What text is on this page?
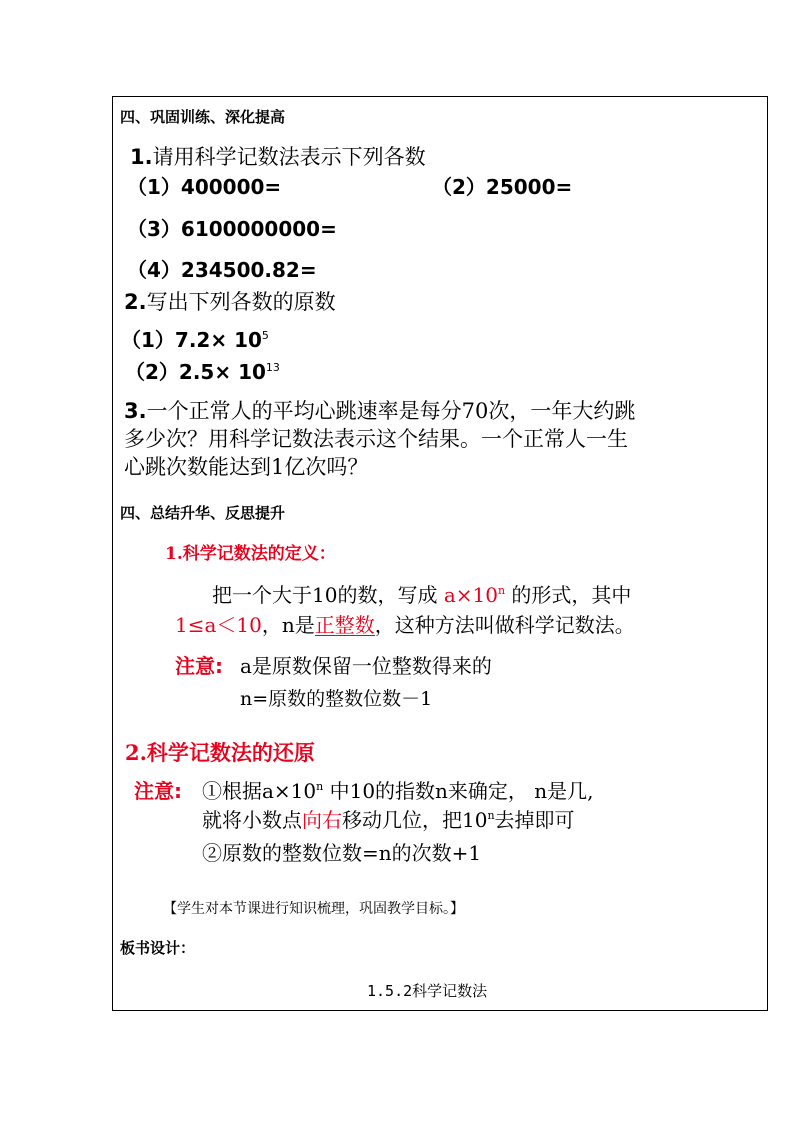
四、巩固训练、深化提高
1.请用科学记数法表示下列各数
（1）400000=	（2）25000=
（3）6100000000=
（4）234500.82=
2.写出下列各数的原数
$(1)7.2\times 10^5$
$(2)2.5\times 10^{13}$
3.一个正常人的平均心跳速率是每分70次，一年大约跳
多少次？用科学记数法表示这个结果。一个正常人一生
心跳次数能达到1亿次吗？
四、总结升华、反思提升
1.科学记数法的定义：
把一个大于10的数，写成 $a\times 10^n$ 的形式，其中
1≤a＜10，n是正整数，这种方法叫做科学记数法。
注意: a是原数保留一位整数得来的
n=原数的整数位数－1
2.科学记数法的还原
注意: ①根据$a\times 10^n$ 中10的指数n来确定， n是几,
就将小数点向右移动几位，把10$^n$去掉即可
②原数的整数位数=n的次数+1
【学生对本节课进行知识梳理，巩固教学目标。】
板书设计：
1.5.2科学记数法
